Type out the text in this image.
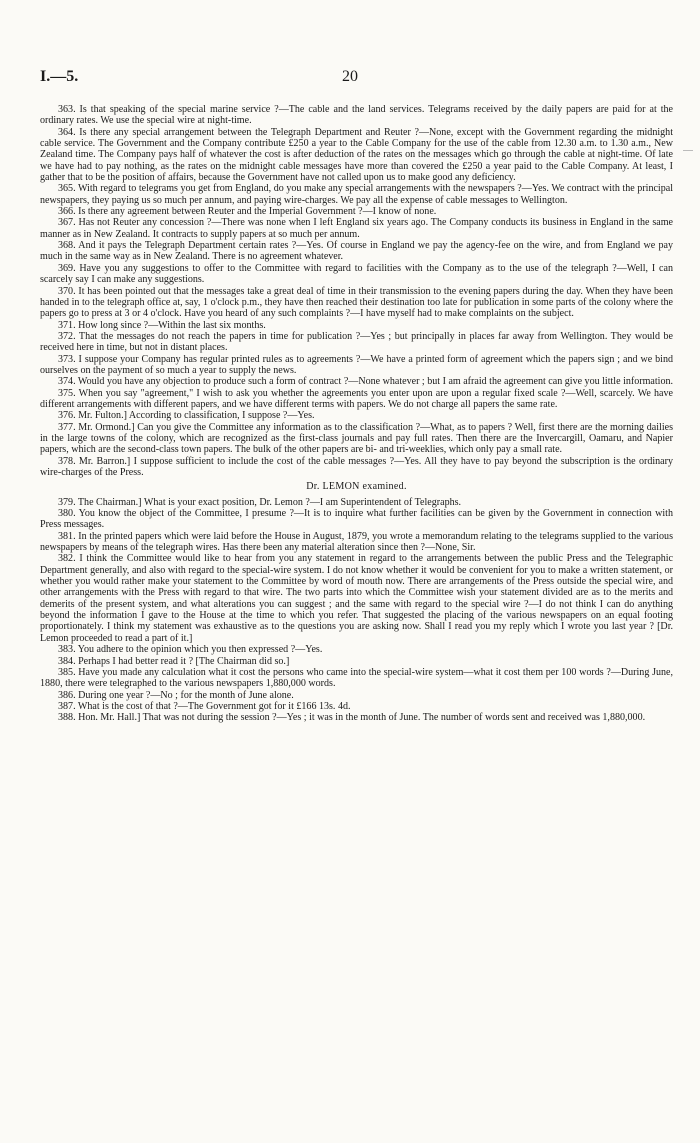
I.—5.	20

363. Is that speaking of the special marine service ?—The cable and the land services. Telegrams received by the daily papers are paid for at the ordinary rates. We use the special wire at night-time.

364. Is there any special arrangement between the Telegraph Department and Reuter ?—None, except with the Government regarding the midnight cable service. The Government and the Company contribute £250 a year to the Cable Company for the use of the cable from 12.30 a.m. to 1.30 a.m., New Zealand time. The Company pays half of whatever the cost is after deduction of the rates on the messages which go through the cable at night-time. Of late we have had to pay nothing, as the rates on the midnight cable messages have more than covered the £250 a year paid to the Cable Company. At least, I gather that to be the position of affairs, because the Government have not called upon us to make good any deficiency.

365. With regard to telegrams you get from England, do you make any special arrangements with the newspapers ?—Yes. We contract with the principal newspapers, they paying us so much per annum, and paying wire-charges. We pay all the expense of cable messages to Wellington.

366. Is there any agreement between Reuter and the Imperial Government ?—I know of none.

367. Has not Reuter any concession ?—There was none when I left England six years ago. The Company conducts its business in England in the same manner as in New Zealand. It contracts to supply papers at so much per annum.

368. And it pays the Telegraph Department certain rates ?—Yes. Of course in England we pay the agency-fee on the wire, and from England we pay much in the same way as in New Zealand. There is no agreement whatever.

369. Have you any suggestions to offer to the Committee with regard to facilities with the Company as to the use of the telegraph ?—Well, I can scarcely say I can make any suggestions.

370. It has been pointed out that the messages take a great deal of time in their transmission to the evening papers during the day. When they have been handed in to the telegraph office at, say, 1 o'clock p.m., they have then reached their destination too late for publication in some parts of the colony where the papers go to press at 3 or 4 o'clock. Have you heard of any such complaints ?—I have myself had to make complaints on the subject.

371. How long since ?—Within the last six months.

372. That the messages do not reach the papers in time for publication ?—Yes ; but principally in places far away from Wellington. They would be received here in time, but not in distant places.

373. I suppose your Company has regular printed rules as to agreements ?—We have a printed form of agreement which the papers sign ; and we bind ourselves on the payment of so much a year to supply the news.

374. Would you have any objection to produce such a form of contract ?—None whatever ; but I am afraid the agreement can give you little information.

375. When you say "agreement," I wish to ask you whether the agreements you enter upon are upon a regular fixed scale ?—Well, scarcely. We have different arrangements with different papers, and we have different terms with papers. We do not charge all papers the same rate.

376. Mr. Fulton.] According to classification, I suppose ?—Yes.

377. Mr. Ormond.] Can you give the Committee any information as to the classification ?—What, as to papers ? Well, first there are the morning dailies in the large towns of the colony, which are recognized as the first-class journals and pay full rates. Then there are the Invercargill, Oamaru, and Napier papers, which are the second-class town papers. The bulk of the other papers are bi- and tri-weeklies, which only pay a small rate.

378. Mr. Barron.] I suppose sufficient to include the cost of the cable messages ?—Yes. All they have to pay beyond the subscription is the ordinary wire-charges of the Press.

Dr. LEMON examined.

379. The Chairman.] What is your exact position, Dr. Lemon ?—I am Superintendent of Telegraphs.

380. You know the object of the Committee, I presume ?—It is to inquire what further facilities can be given by the Government in connection with Press messages.

381. In the printed papers which were laid before the House in August, 1879, you wrote a memorandum relating to the telegrams supplied to the various newspapers by means of the telegraph wires. Has there been any material alteration since then ?—None, Sir.

382. I think the Committee would like to hear from you any statement in regard to the arrangements between the public Press and the Telegraphic Department generally, and also with regard to the special-wire system. I do not know whether it would be convenient for you to make a written statement, or whether you would rather make your statement to the Committee by word of mouth now. There are arrangements of the Press outside the special wire, and other arrangements with the Press with regard to that wire. The two parts into which the Committee wish your statement divided are as to the merits and demerits of the present system, and what alterations you can suggest ; and the same with regard to the special wire ?—I do not think I can do anything beyond the information I gave to the House at the time to which you refer. That suggested the placing of the various newspapers on an equal footing proportionately. I think my statement was exhaustive as to the questions you are asking now. Shall I read you my reply which I wrote you last year ? [Dr. Lemon proceeded to read a part of it.]

383. You adhere to the opinion which you then expressed ?—Yes.

384. Perhaps I had better read it ? [The Chairman did so.]

385. Have you made any calculation what it cost the persons who came into the special-wire system—what it cost them per 100 words ?—During June, 1880, there were telegraphed to the various newspapers 1,880,000 words.

386. During one year ?—No ; for the month of June alone.

387. What is the cost of that ?—The Government got for it £166 13s. 4d.

388. Hon. Mr. Hall.] That was not during the session ?—Yes ; it was in the month of June. The number of words sent and received was 1,880,000.
